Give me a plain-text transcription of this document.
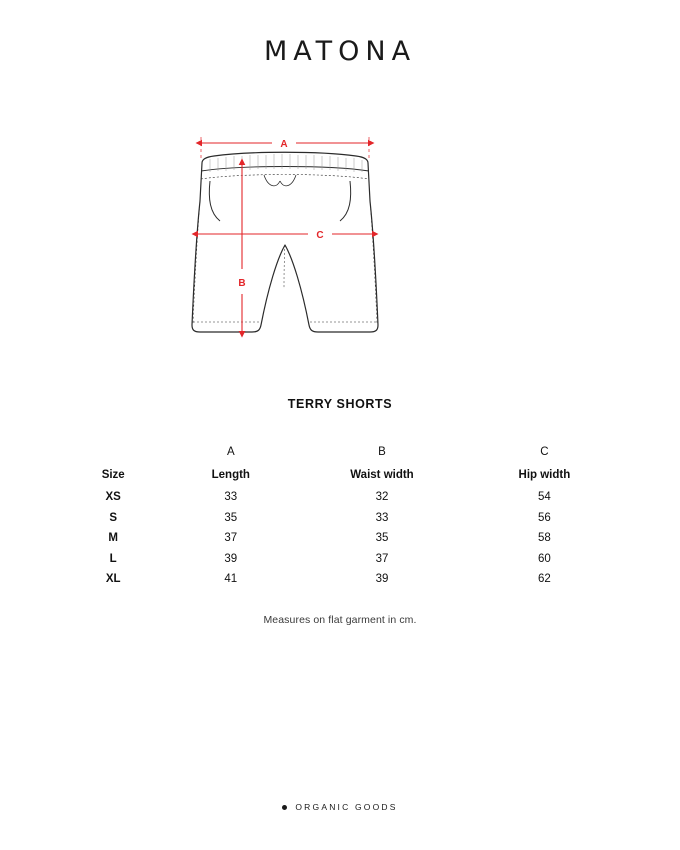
MATONA
A
B
C
TERRY SHORTS
	A	B	C
Size	Length	Waist width	Hip width
XS	33	32	54
S	35	33	56
M	37	35	58
L	39	37	60
XL	41	39	62
Measures on flat garment in cm.
ORGANIC GOODS
